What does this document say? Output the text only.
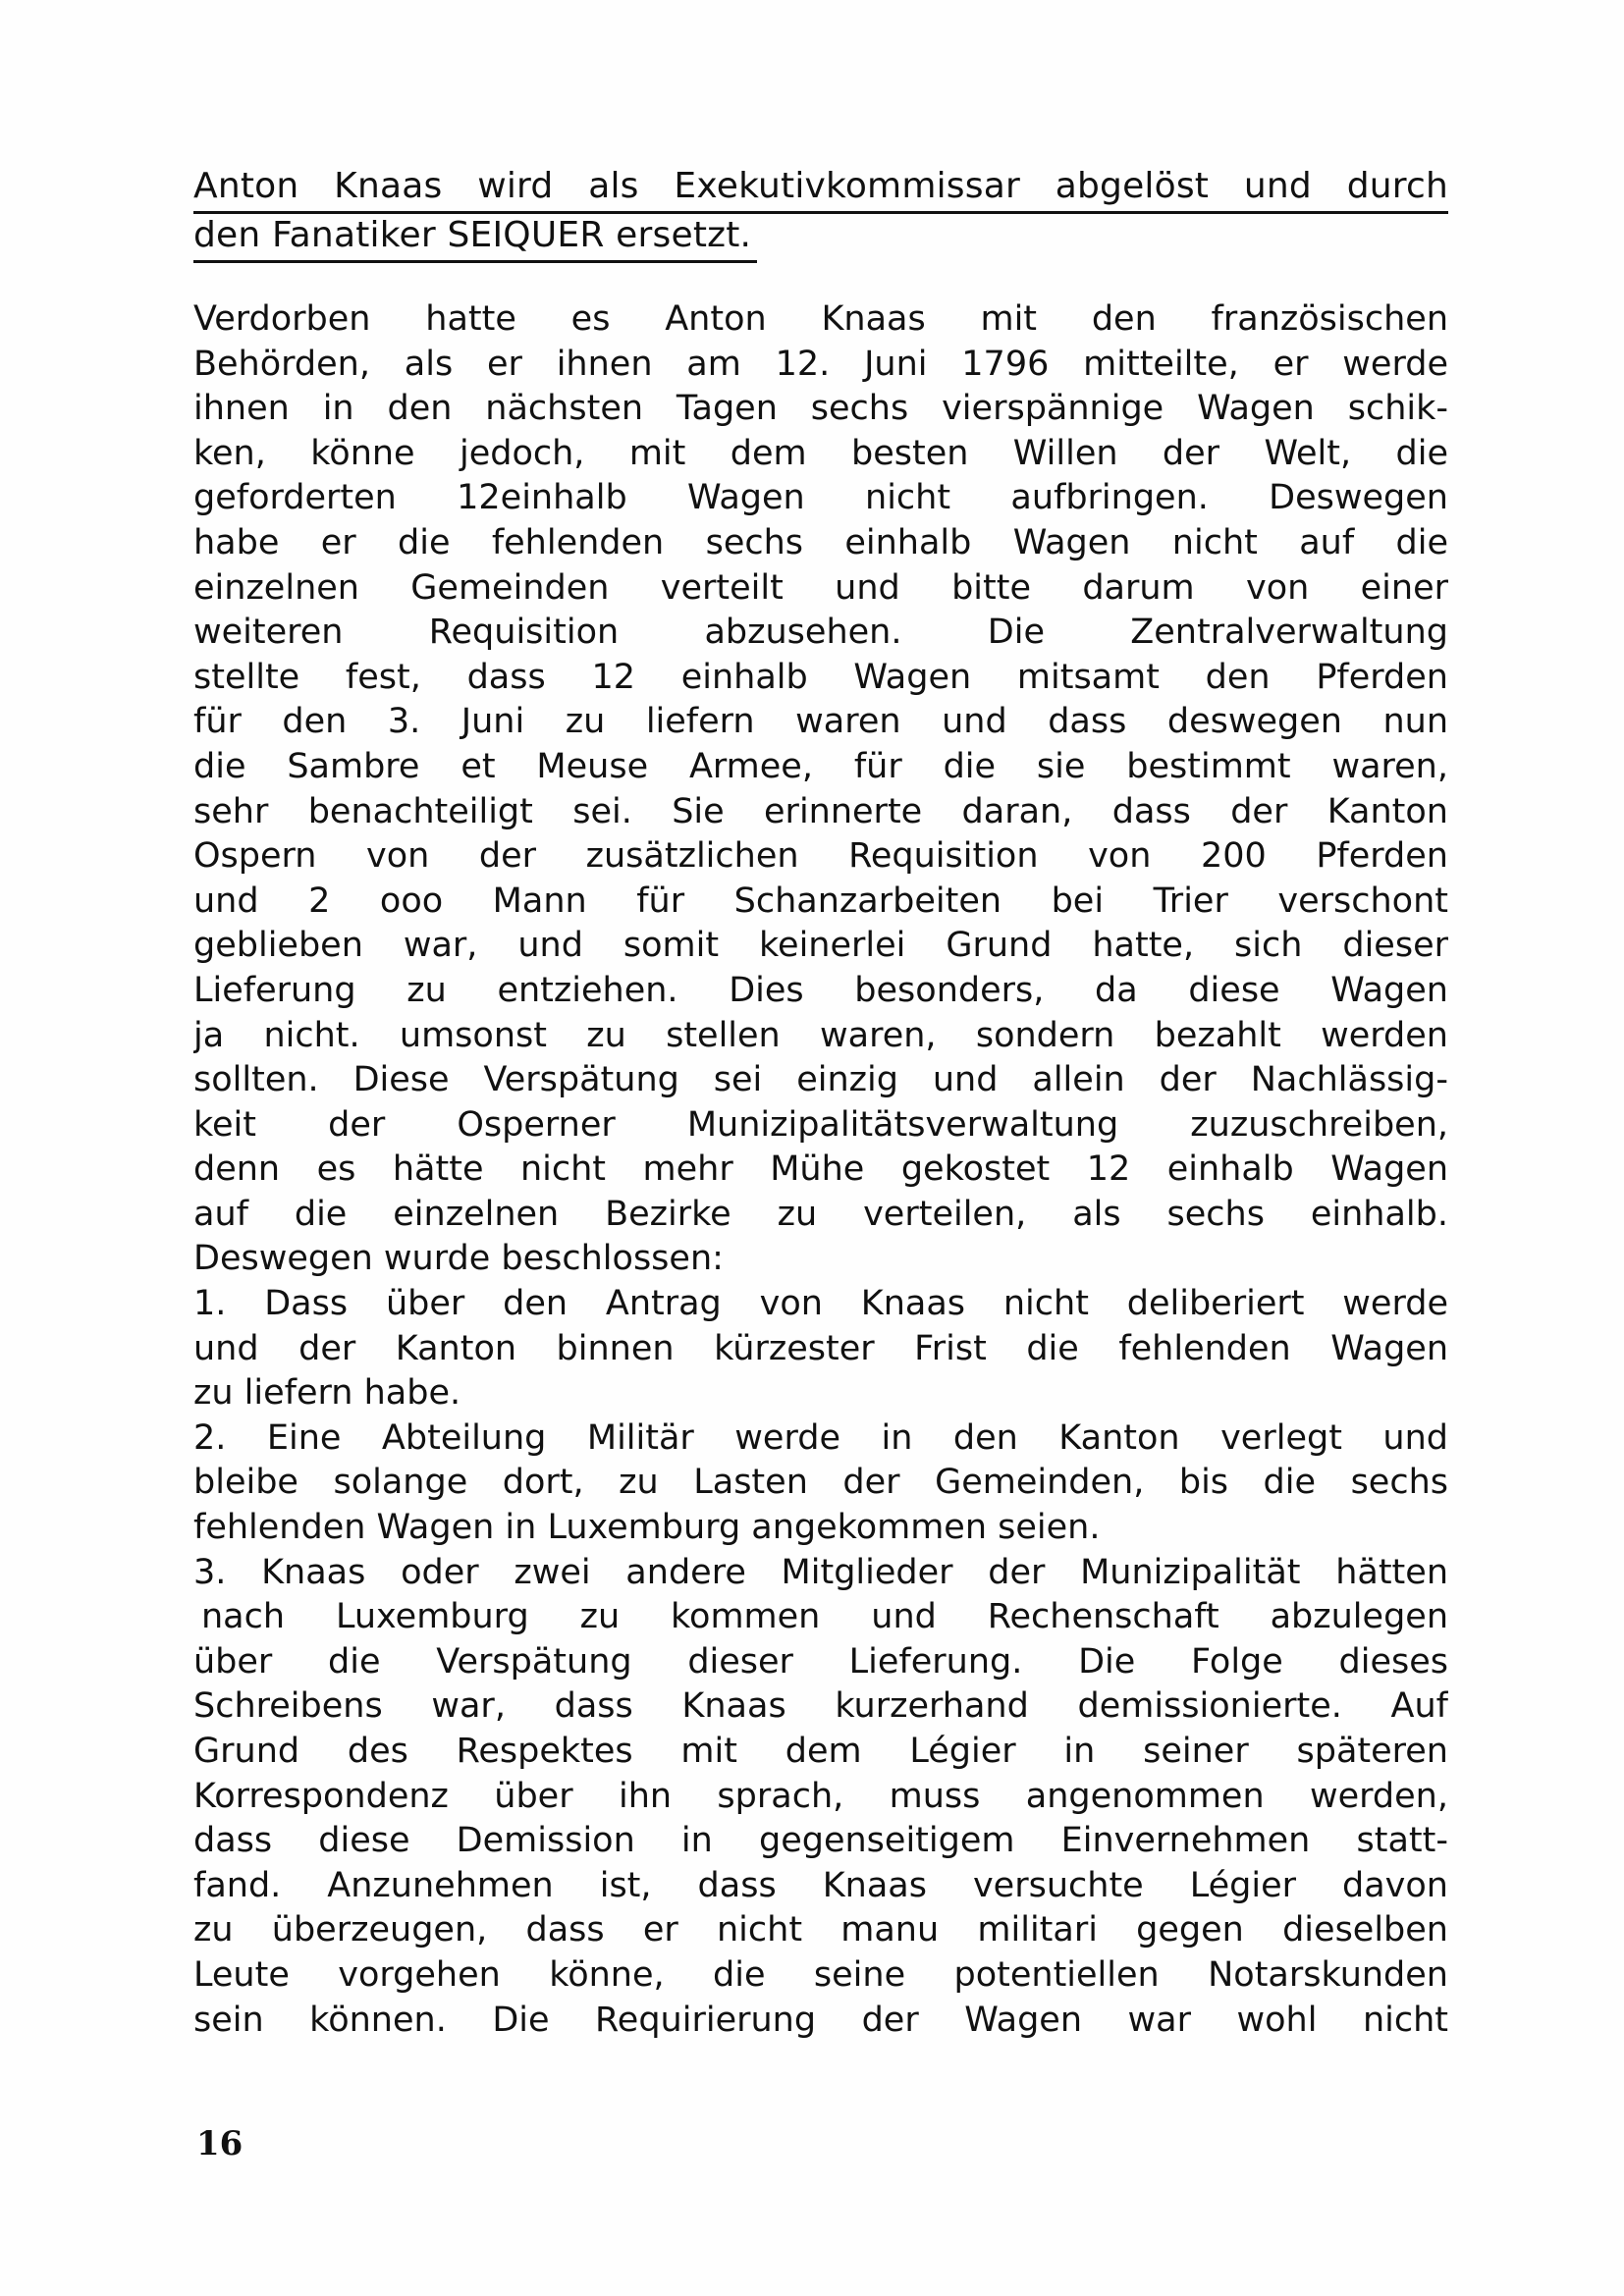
Anton Knaas wird als Exekutivkommissar abgelöst und durch
den Fanatiker SEIQUER ersetzt.
Verdorben hatte es Anton Knaas mit den französischen
Behörden, als er ihnen am 12. Juni 1796 mitteilte, er werde
ihnen in den nächsten Tagen sechs vierspännige Wagen schik-
ken, könne jedoch, mit dem besten Willen der Welt, die
geforderten 12einhalb Wagen nicht aufbringen. Deswegen
habe er die fehlenden sechs einhalb Wagen nicht auf die
einzelnen Gemeinden verteilt und bitte darum von einer
weiteren Requisition abzusehen. Die Zentralverwaltung
stellte fest, dass 12 einhalb Wagen mitsamt den Pferden
für den 3. Juni zu liefern waren und dass deswegen nun
die Sambre et Meuse Armee, für die sie bestimmt waren,
sehr benachteiligt sei. Sie erinnerte daran, dass der Kanton
Ospern von der zusätzlichen Requisition von 200 Pferden
und 2 ooo Mann für Schanzarbeiten bei Trier verschont
geblieben war, und somit keinerlei Grund hatte, sich dieser
Lieferung zu entziehen. Dies besonders, da diese Wagen
ja nicht. umsonst zu stellen waren, sondern bezahlt werden
sollten. Diese Verspätung sei einzig und allein der Nachlässig-
keit der Osperner Munizipalitätsverwaltung zuzuschreiben,
denn es hätte nicht mehr Mühe gekostet 12 einhalb Wagen
auf die einzelnen Bezirke zu verteilen, als sechs einhalb.
Deswegen wurde beschlossen:
1. Dass über den Antrag von Knaas nicht deliberiert werde
und der Kanton binnen kürzester Frist die fehlenden Wagen
zu liefern habe.
2. Eine Abteilung Militär werde in den Kanton verlegt und
bleibe solange dort, zu Lasten der Gemeinden, bis die sechs
fehlenden Wagen in Luxemburg angekommen seien.
3. Knaas oder zwei andere Mitglieder der Munizipalität hätten
nach Luxemburg zu kommen und Rechenschaft abzulegen
über die Verspätung dieser Lieferung. Die Folge dieses
Schreibens war, dass Knaas kurzerhand demissionierte. Auf
Grund des Respektes mit dem Légier in seiner späteren
Korrespondenz über ihn sprach, muss angenommen werden,
dass diese Demission in gegenseitigem Einvernehmen statt-
fand. Anzunehmen ist, dass Knaas versuchte Légier davon
zu überzeugen, dass er nicht manu militari gegen dieselben
Leute vorgehen könne, die seine potentiellen Notarskunden
sein können. Die Requirierung der Wagen war wohl nicht
16
